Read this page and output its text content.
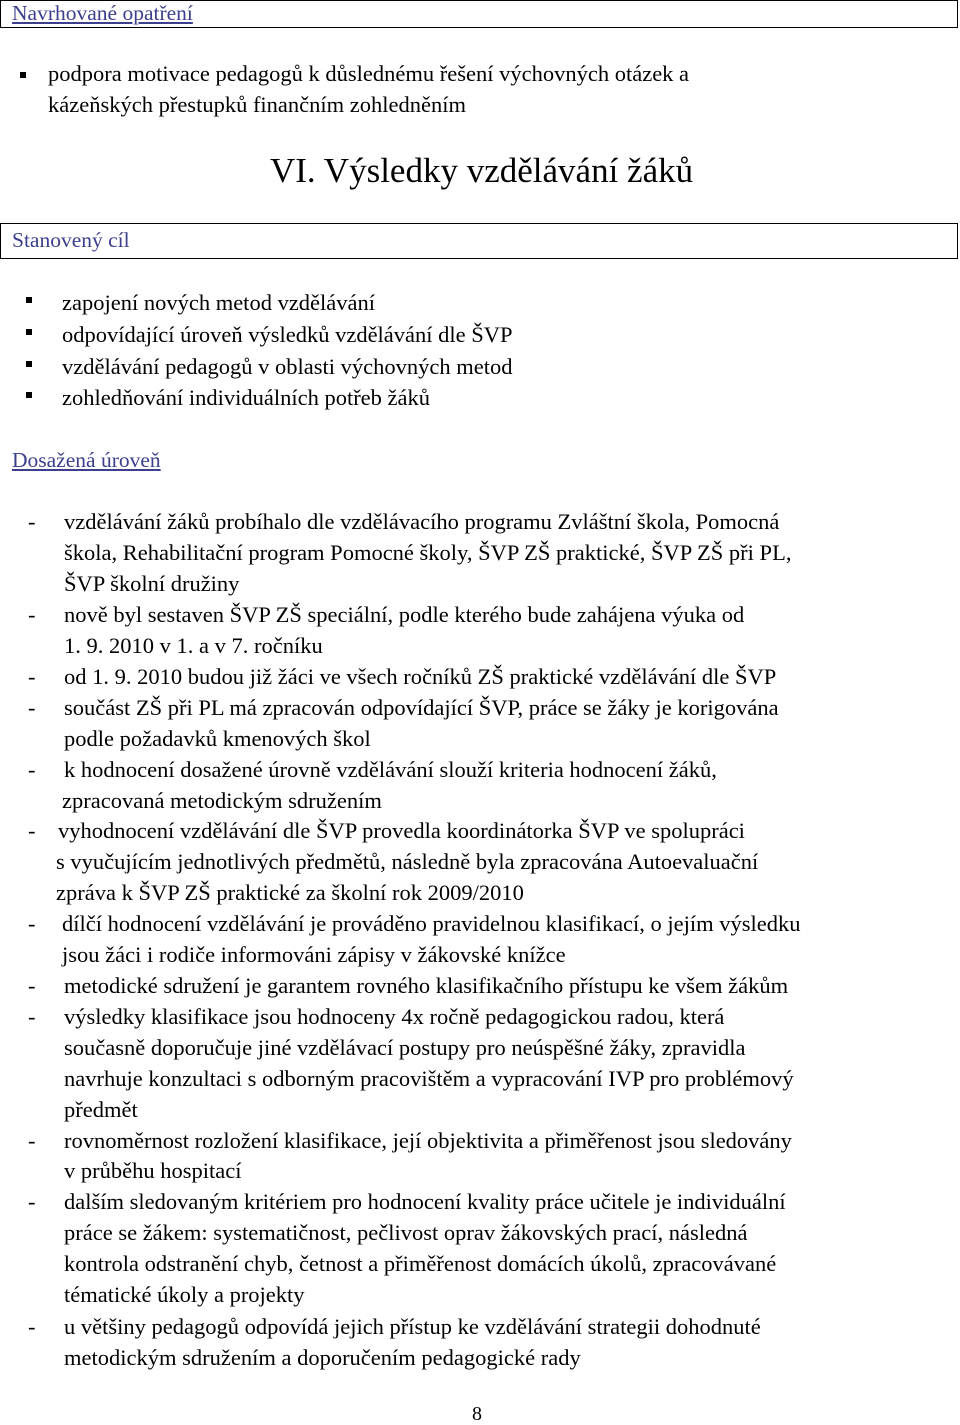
Navrhované opatření
podpora motivace pedagogů k důslednému řešení výchovných otázek a
kázeňských přestupků finančním zohledněním
VI. Výsledky vzdělávání žáků
Stanovený cíl
zapojení nových metod vzdělávání
odpovídající úroveň výsledků vzdělávání dle ŠVP
vzdělávání pedagogů v oblasti výchovných metod
zohledňování individuálních potřeb žáků
Dosažená úroveň
-
-
-
-
-
-
-
-
-
-
-
-
vzdělávání žáků probíhalo dle vzdělávacího programu Zvláštní škola, Pomocná
škola, Rehabilitační program Pomocné školy, ŠVP ZŠ praktické, ŠVP ZŠ při PL,
ŠVP školní družiny
nově byl sestaven ŠVP ZŠ speciální, podle kterého bude zahájena výuka od
1. 9. 2010 v 1. a v 7. ročníku
od 1. 9. 2010 budou již žáci ve všech ročníků ZŠ praktické vzdělávání dle ŠVP
součást ZŠ při PL má zpracován odpovídající ŠVP, práce se žáky je korigována
podle požadavků kmenových škol
k hodnocení dosažené úrovně vzdělávání slouží kriteria hodnocení žáků,
zpracovaná metodickým sdružením
vyhodnocení vzdělávání dle ŠVP provedla koordinátorka ŠVP ve spolupráci
s vyučujícím jednotlivých předmětů, následně byla zpracována Autoevaluační
zpráva k ŠVP ZŠ praktické za školní rok 2009/2010
dílčí hodnocení vzdělávání je prováděno pravidelnou klasifikací, o jejím výsledku
jsou žáci i rodiče informováni zápisy v žákovské knížce
metodické sdružení je garantem rovného klasifikačního přístupu ke všem žákům
výsledky klasifikace jsou hodnoceny 4x ročně pedagogickou radou, která
současně doporučuje jiné vzdělávací postupy pro neúspěšné žáky, zpravidla
navrhuje konzultaci s odborným pracovištěm a vypracování IVP pro problémový
předmět
rovnoměrnost rozložení klasifikace, její objektivita a přiměřenost jsou sledovány
v průběhu hospitací
dalším sledovaným kritériem pro hodnocení kvality práce učitele je individuální
práce se žákem: systematičnost, pečlivost oprav žákovských prací, následná
kontrola odstranění chyb, četnost a přiměřenost domácích úkolů, zpracovávané
tématické úkoly a projekty
u většiny pedagogů odpovídá jejich přístup ke vzdělávání strategii dohodnuté
metodickým sdružením a doporučením pedagogické rady
8
